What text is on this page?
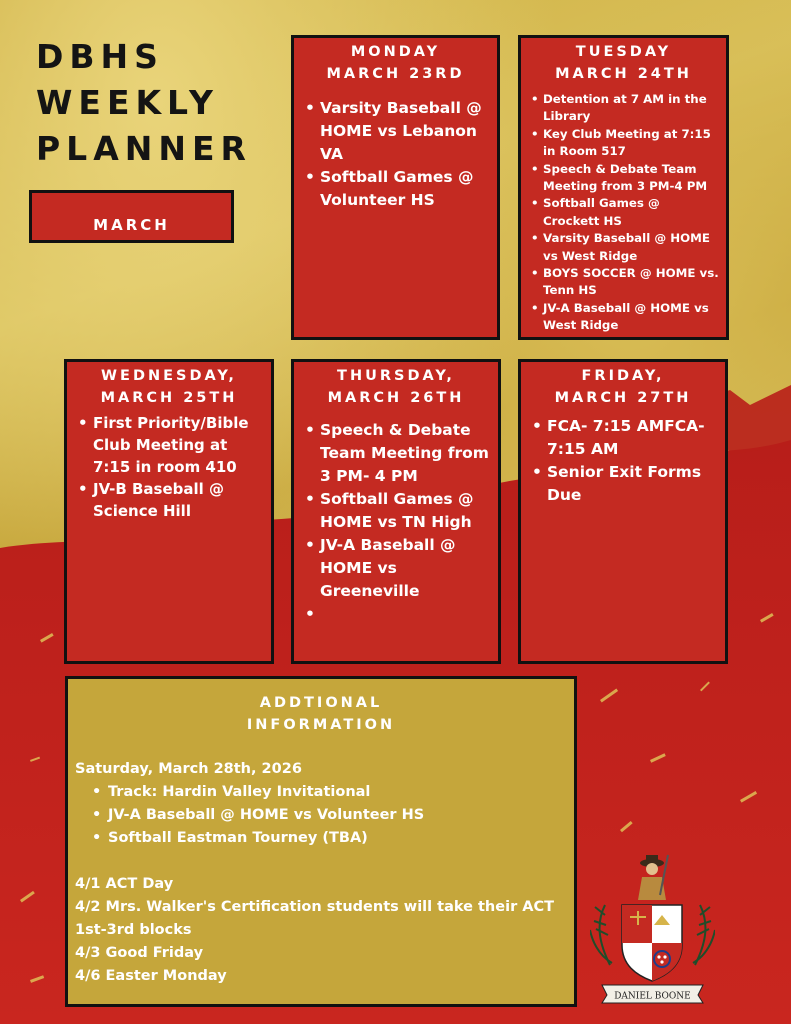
DBHS
WEEKLY
PLANNER
MARCH
MONDAY
MARCH 23RD
• Varsity Baseball @ HOME vs Lebanon VA
• Softball Games @ Volunteer HS
TUESDAY
MARCH 24TH
• Detention at 7 AM in the Library
• Key Club Meeting at 7:15 in Room 517
• Speech & Debate Team Meeting from 3 PM-4 PM
• Softball Games @ Crockett HS
• Varsity Baseball @ HOME vs West Ridge
• BOYS SOCCER @ HOME vs. Tenn HS
• JV-A Baseball @ HOME vs West Ridge
WEDNESDAY,
MARCH 25TH
• First Priority/Bible Club Meeting at 7:15 in room 410
• JV-B Baseball @ Science Hill
THURSDAY,
MARCH 26TH
• Speech & Debate Team Meeting from 3 PM- 4 PM
• Softball Games @ HOME vs TN High
• JV-A Baseball @ HOME vs Greeneville
•
FRIDAY,
MARCH 27TH
• FCA- 7:15 AMFCA- 7:15 AM
• Senior Exit Forms Due
ADDTIONAL
INFORMATION
Saturday, March 28th, 2026
• Track: Hardin Valley Invitational
• JV-A Baseball @ HOME vs Volunteer HS
• Softball Eastman Tourney (TBA)
4/1 ACT Day
4/2 Mrs. Walker's Certification students will take their ACT 1st-3rd blocks
4/3 Good Friday
4/6 Easter Monday
DANIEL BOONE
